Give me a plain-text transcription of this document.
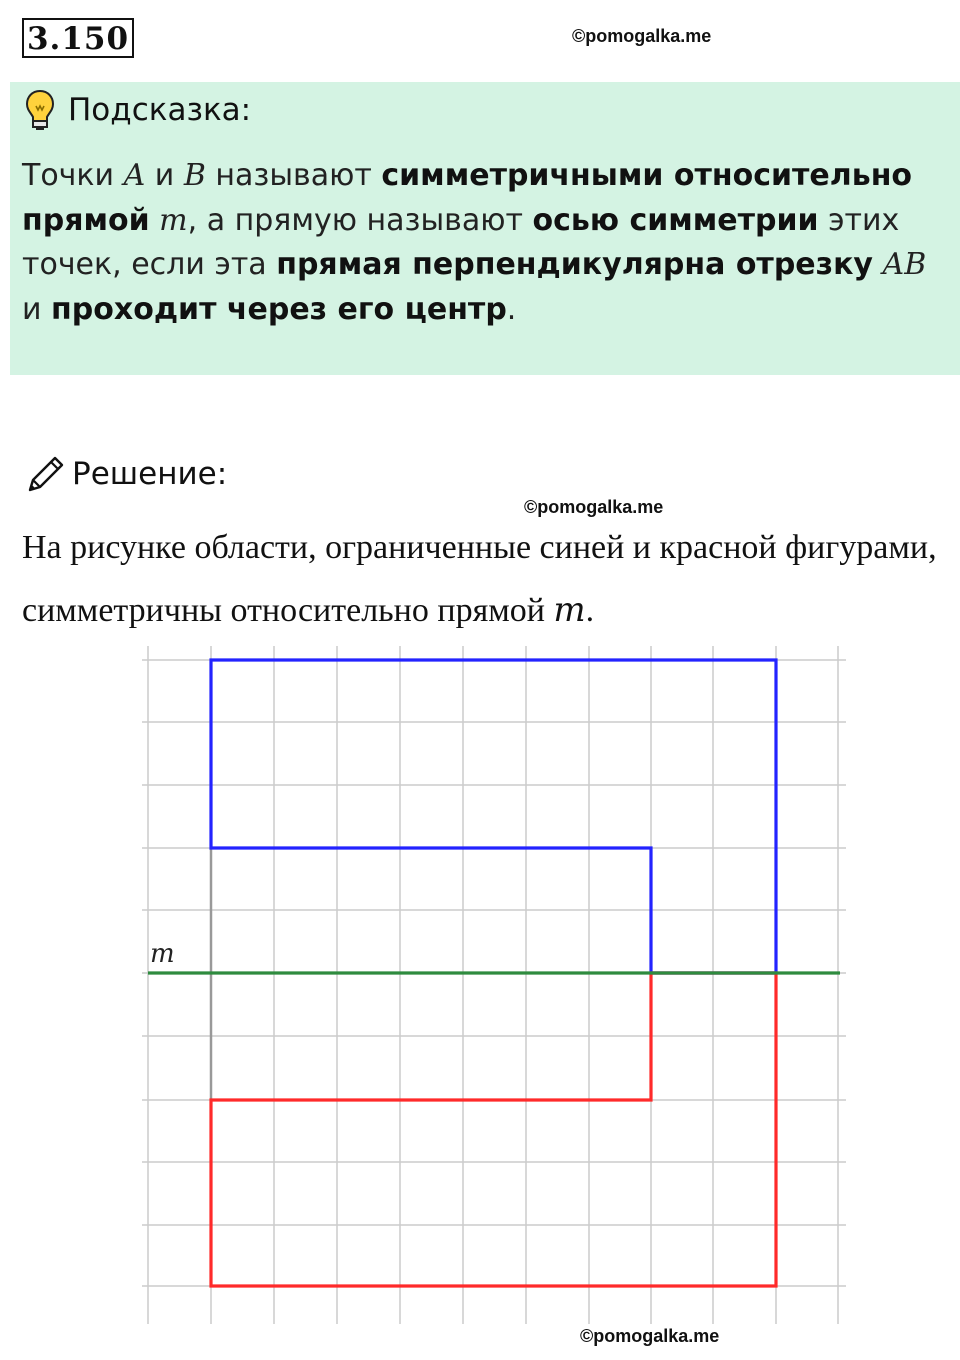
3.150	©pomogalka.me
Подсказка:
Точки A и B называют симметричными относительно прямой m, а прямую называют осью симметрии этих точек, если эта прямая перпендикулярна отрезку AB и проходит через его центр.
Решение:
©pomogalka.me
На рисунке области, ограниченные синей и красной фигурами, симметричны относительно прямой m.
m
©pomogalka.me
